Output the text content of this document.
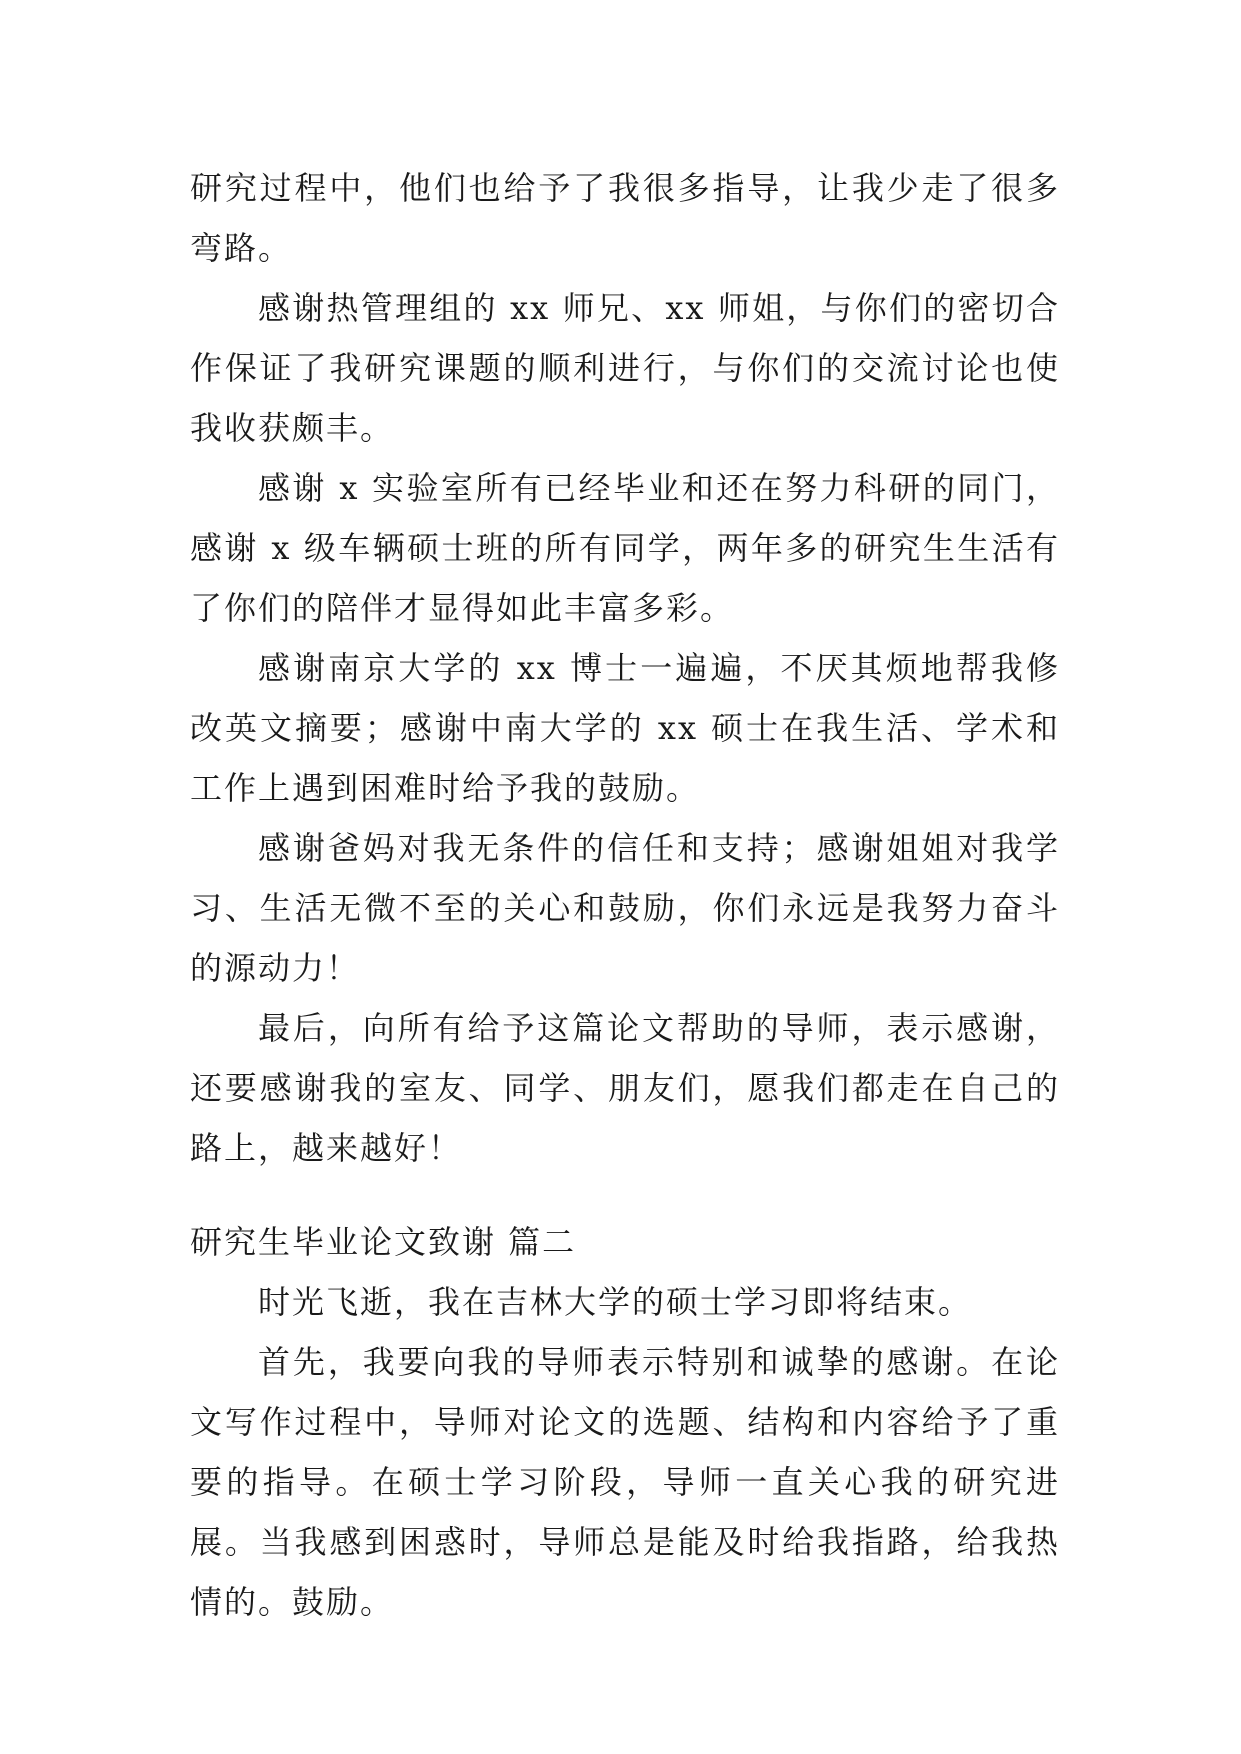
研究过程中，他们也给予了我很多指导，让我少走了很多弯路。

感谢热管理组的 xx 师兄、xx 师姐，与你们的密切合作保证了我研究课题的顺利进行，与你们的交流讨论也使我收获颇丰。

感谢 x 实验室所有已经毕业和还在努力科研的同门，感谢 x 级车辆硕士班的所有同学，两年多的研究生生活有了你们的陪伴才显得如此丰富多彩。

感谢南京大学的 xx 博士一遍遍，不厌其烦地帮我修改英文摘要；感谢中南大学的 xx 硕士在我生活、学术和工作上遇到困难时给予我的鼓励。

感谢爸妈对我无条件的信任和支持；感谢姐姐对我学习、生活无微不至的关心和鼓励，你们永远是我努力奋斗的源动力！

最后，向所有给予这篇论文帮助的导师，表示感谢，还要感谢我的室友、同学、朋友们，愿我们都走在自己的路上，越来越好！

研究生毕业论文致谢 篇二

时光飞逝，我在吉林大学的硕士学习即将结束。

首先，我要向我的导师表示特别和诚挚的感谢。在论文写作过程中，导师对论文的选题、结构和内容给予了重要的指导。在硕士学习阶段，导师一直关心我的研究进展。当我感到困惑时，导师总是能及时给我指路，给我热情的。鼓励。
